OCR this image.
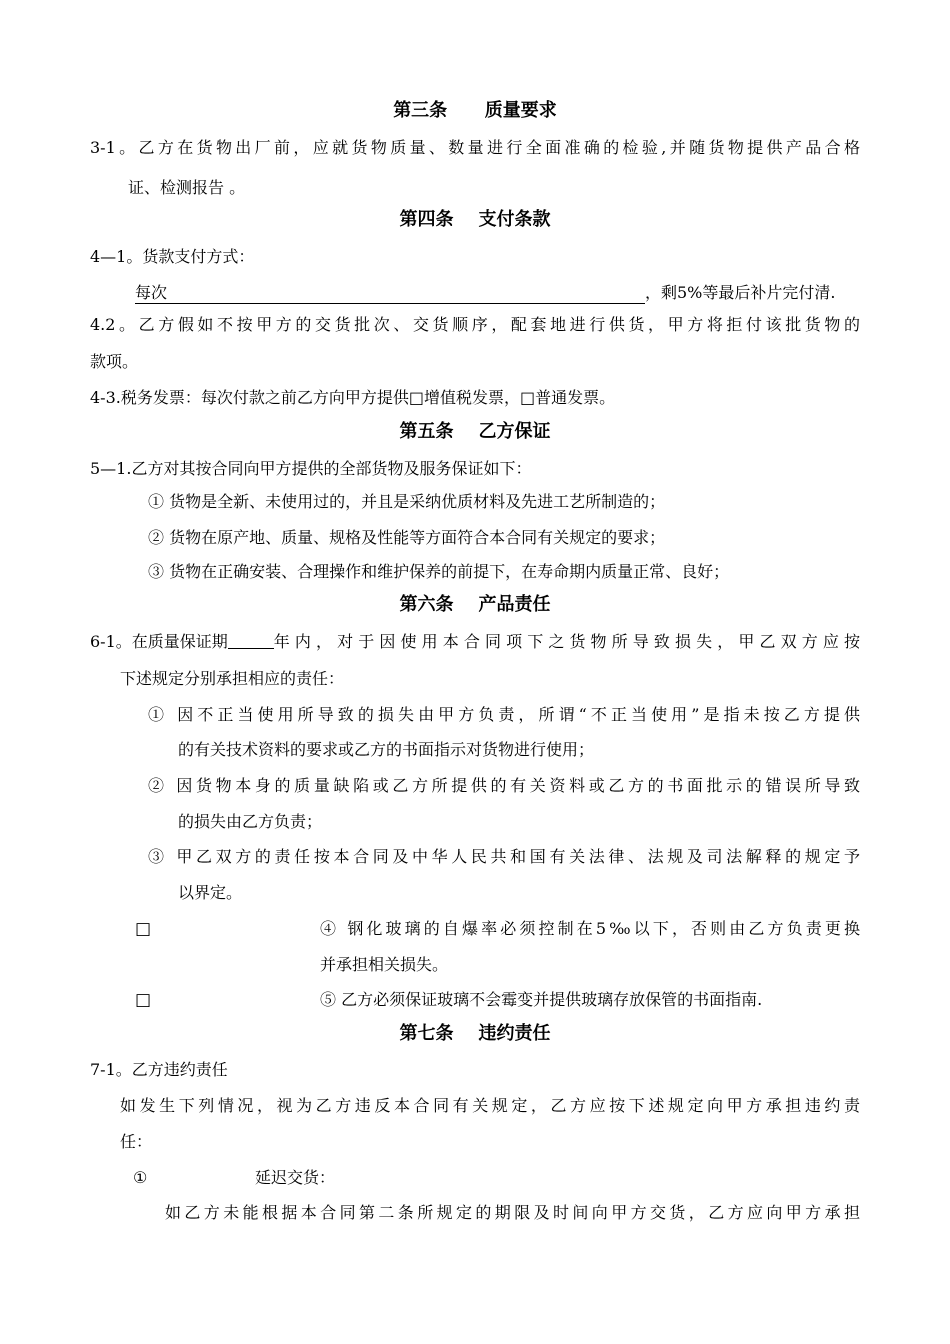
第三条      质量要求
3-1。乙方在货物出厂前，应就货物质量、数量进行全面准确的检验,并随货物提供产品合格
证、检测报告 。
第四条    支付条款
4—1。货款支付方式：
每次	，剩5%等最后补片完付清.
4.2。乙方假如不按甲方的交货批次、交货顺序，配套地进行供货，甲方将拒付该批货物的
款项。
4-3.税务发票：每次付款之前乙方向甲方提供□增值税发票，□普通发票。
第五条    乙方保证
5—1.乙方对其按合同向甲方提供的全部货物及服务保证如下：
① 货物是全新、未使用过的，并且是采纳优质材料及先进工艺所制造的；
② 货物在原产地、质量、规格及性能等方面符合本合同有关规定的要求；
③ 货物在正确安装、合理操作和维护保养的前提下，在寿命期内质量正常、良好；
第六条    产品责任
6-1。在质量保证期	年内，对于因使用本合同项下之货物所导致损失，甲乙双方应按
下述规定分别承担相应的责任：
① 因不正当使用所导致的损失由甲方负责，所谓“不正当使用”是指未按乙方提供
的有关技术资料的要求或乙方的书面指示对货物进行使用；
② 因货物本身的质量缺陷或乙方所提供的有关资料或乙方的书面批示的错误所导致
的损失由乙方负责；
③ 甲乙双方的责任按本合同及中华人民共和国有关法律、法规及司法解释的规定予
以界定。
□	④ 钢化玻璃的自爆率必须控制在5‰以下，否则由乙方负责更换
并承担相关损失。
□	⑤ 乙方必须保证玻璃不会霉变并提供玻璃存放保管的书面指南.
第七条    违约责任
7-1。乙方违约责任
如发生下列情况，视为乙方违反本合同有关规定，乙方应按下述规定向甲方承担违约责
任：
①	延迟交货：
如乙方未能根据本合同第二条所规定的期限及时间向甲方交货，乙方应向甲方承担
